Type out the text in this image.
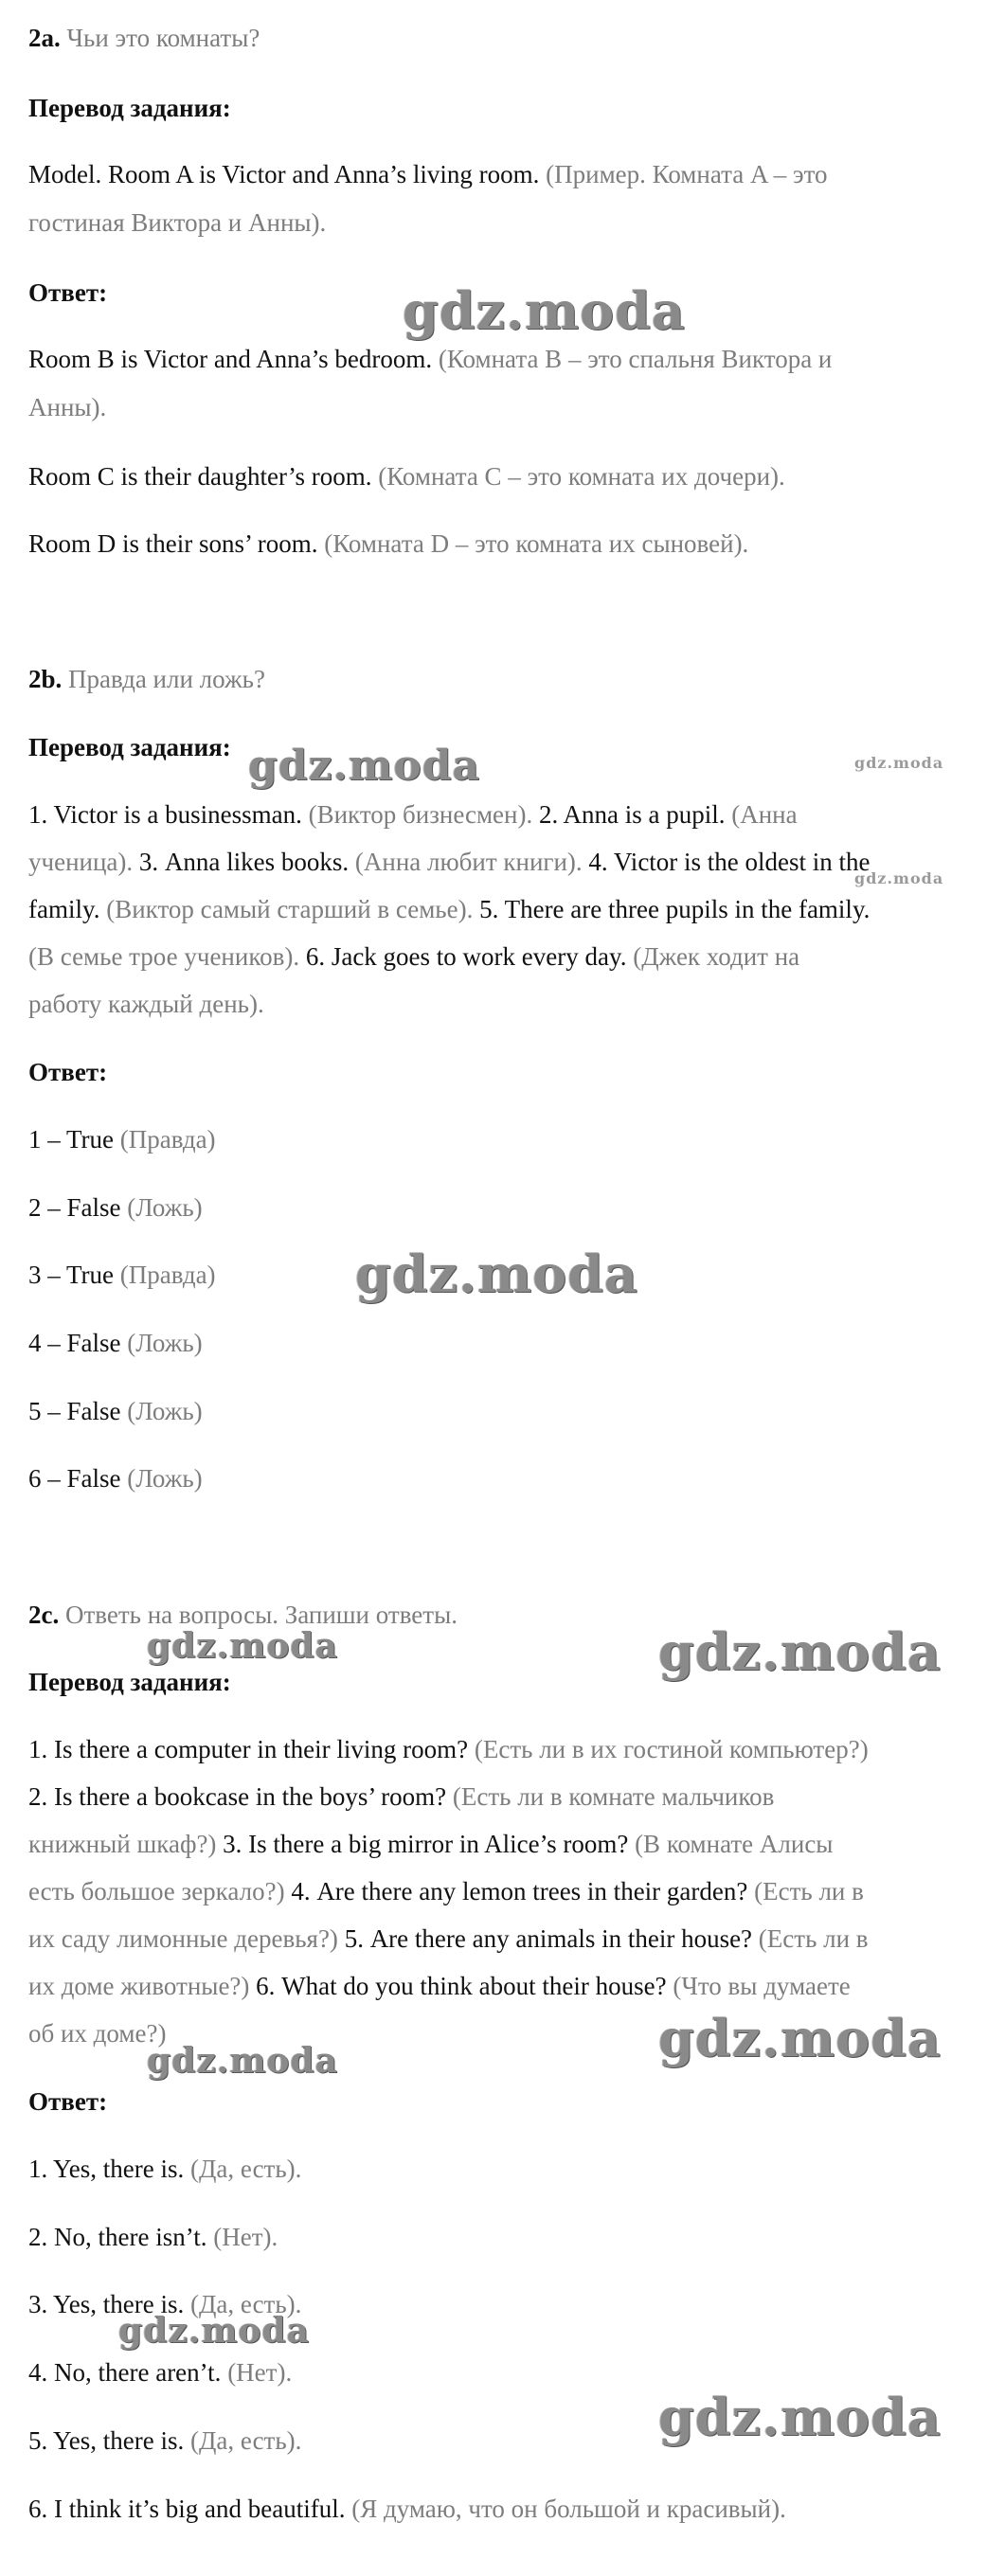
2a. Чьи это комнаты?

Перевод задания:

Model. Room A is Victor and Anna’s living room. (Пример. Комната A – это

гостиная Виктора и Анны).

Ответ:

Room B is Victor and Anna’s bedroom. (Комната B – это спальня Виктора и

Анны).

Room C is their daughter’s room. (Комната C – это комната их дочери).

Room D is their sons’ room. (Комната D – это комната их сыновей).

2b. Правда или ложь?

Перевод задания:

1. Victor is a businessman. (Виктор бизнесмен). 2. Anna is a pupil. (Анна

ученица). 3. Anna likes books. (Анна любит книги). 4. Victor is the oldest in the

family. (Виктор самый старший в семье). 5. There are three pupils in the family.

(В семье трое учеников). 6. Jack goes to work every day. (Джек ходит на

работу каждый день).

Ответ:

1 – True (Правда)

2 – False (Ложь)

3 – True (Правда)

4 – False (Ложь)

5 – False (Ложь)

6 – False (Ложь)

2c. Ответь на вопросы. Запиши ответы.

Перевод задания:

1. Is there a computer in their living room? (Есть ли в их гостиной компьютер?)

2. Is there a bookcase in the boys’ room? (Есть ли в комнате мальчиков

книжный шкаф?) 3. Is there a big mirror in Alice’s room? (В комнате Алисы

есть большое зеркало?) 4. Are there any lemon trees in their garden? (Есть ли в

их саду лимонные деревья?) 5. Are there any animals in their house? (Есть ли в

их доме животные?) 6. What do you think about their house? (Что вы думаете

об их доме?)

Ответ:

1. Yes, there is. (Да, есть).

2. No, there isn’t. (Нет).

3. Yes, there is. (Да, есть).

4. No, there aren’t. (Нет).

5. Yes, there is. (Да, есть).

6. I think it’s big and beautiful. (Я думаю, что он большой и красивый).

gdz.moda
gdz.moda	gdz.moda
gdz.moda
gdz.moda
gdz.moda	gdz.moda
gdz.moda
gdz.moda
gdz.moda
gdz.moda
